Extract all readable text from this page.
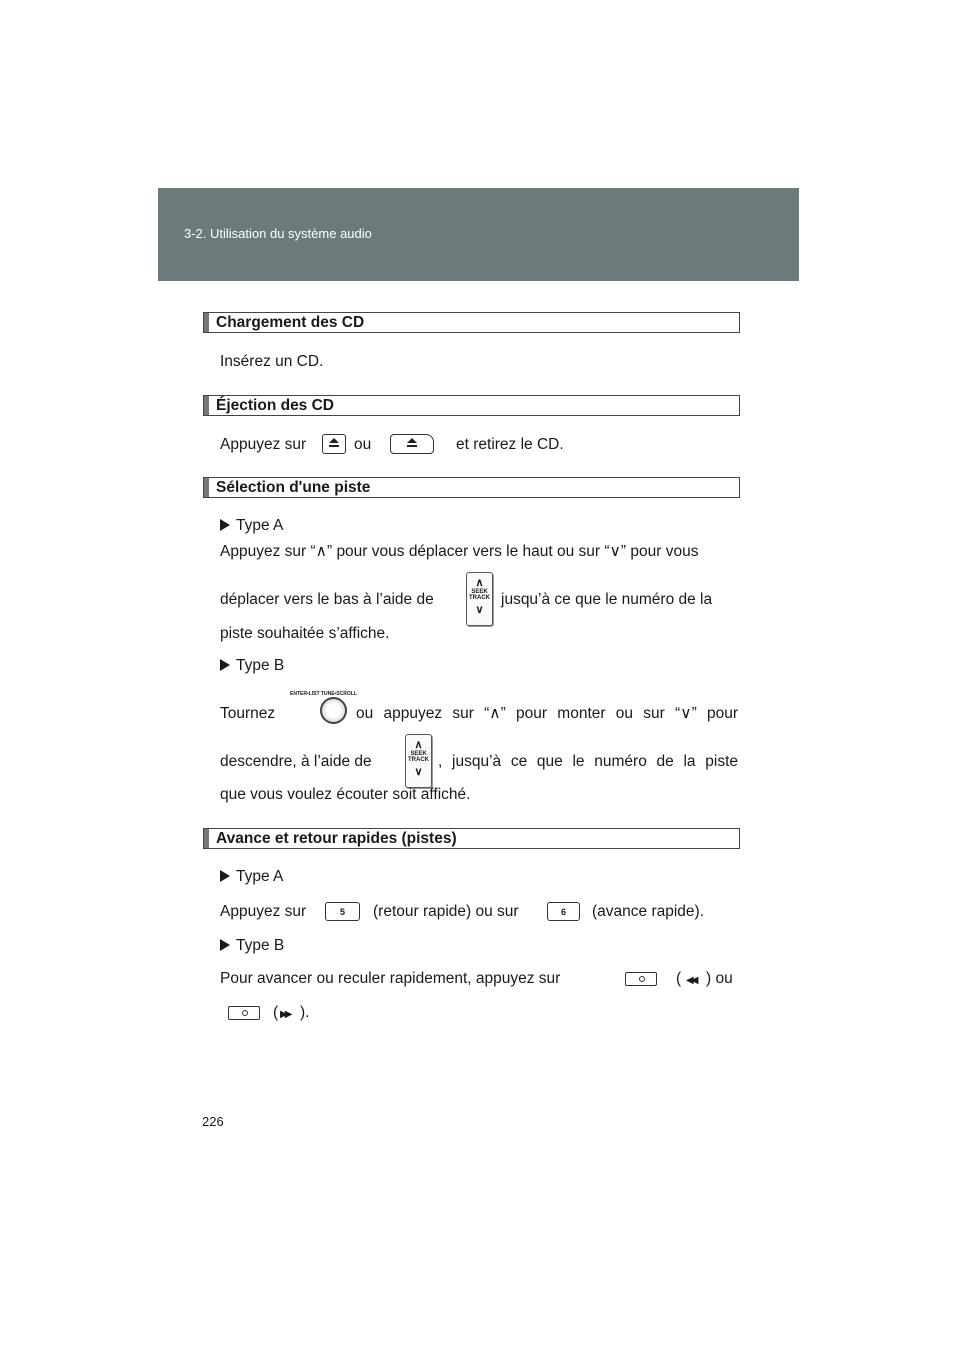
3-2. Utilisation du système audio
Chargement des CD
Insérez un CD.
Éjection des CD
Appuyez sur	ou	et retirez le CD.
Sélection d'une piste
Type A
Appuyez sur “∧” pour vous déplacer vers le haut ou sur “∨” pour vous
déplacer vers le bas à l’aide de
∧
SEEK TRACK
∨
jusqu’à ce que le numéro de la
piste souhaitée s’affiche.
Type B
Tournez
ENTER•LIST TUNE•SCROLL
ou appuyez sur “∧” pour monter ou sur “∨” pour
descendre, à l’aide de
∧
SEEK TRACK
∨
, jusqu’à ce que le numéro de la piste
que vous voulez écouter soit affiché.
Avance et retour rapides (pistes)
Type A
Appuyez sur	5	(retour rapide) ou sur	6	(avance rapide).
Type B
Pour avancer ou reculer rapidement, appuyez sur	( ◀◀ ) ou
( ▶▶ ).
226
